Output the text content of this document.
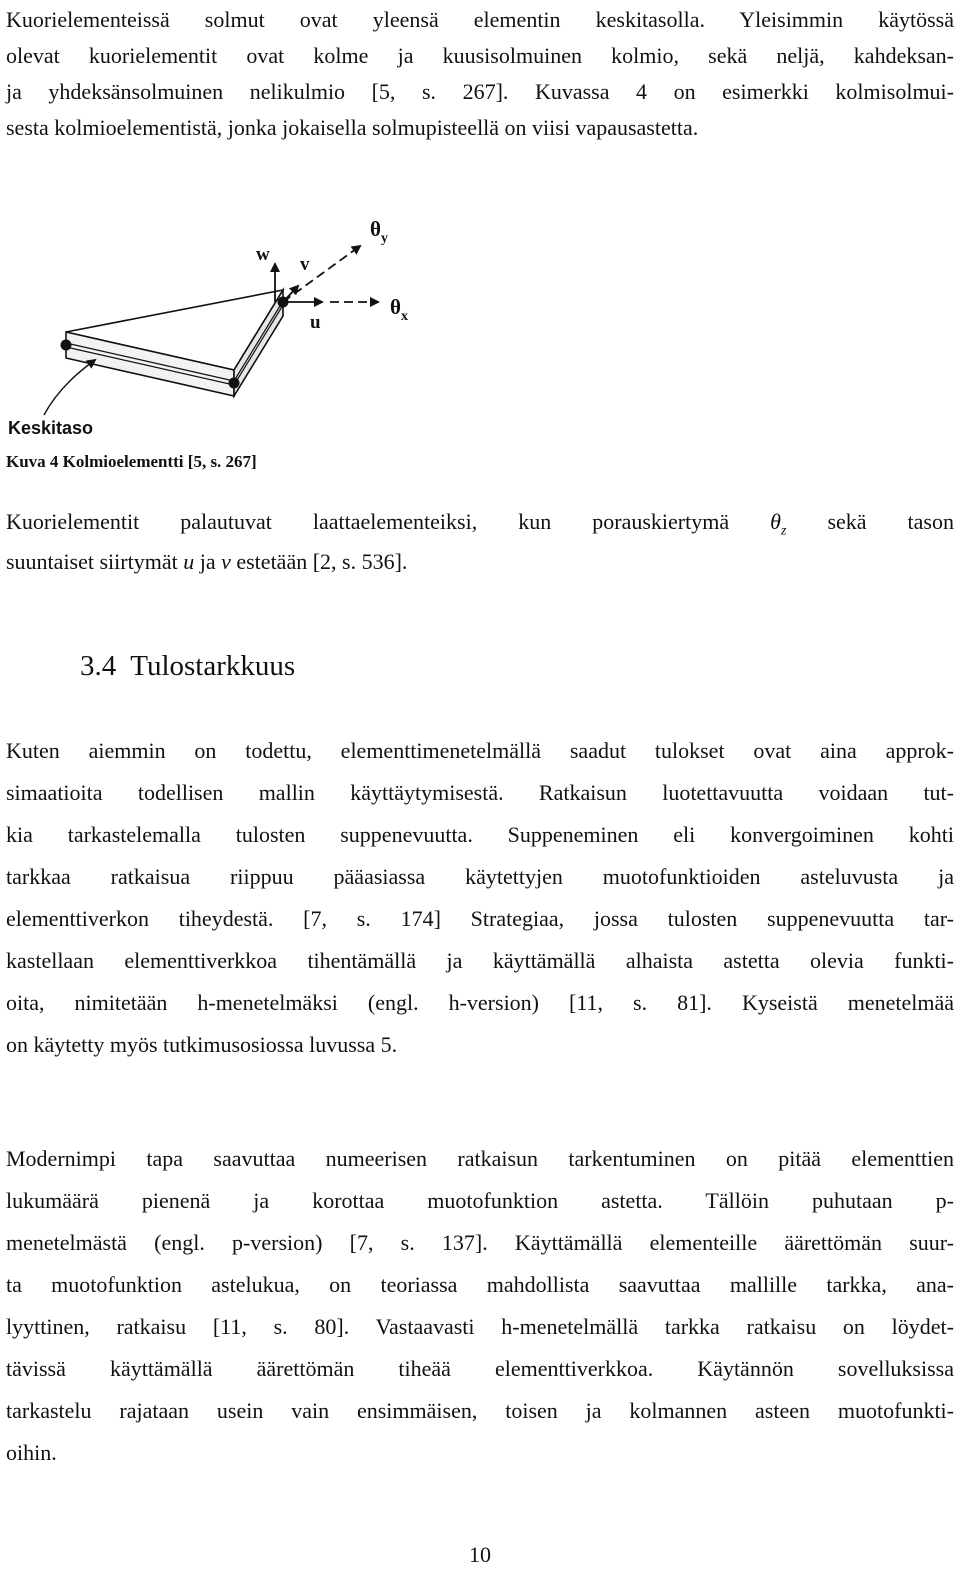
Kuorielementeissä solmut ovat yleensä elementin keskitasolla. Yleisimmin käytössä
olevat kuorielementit ovat kolme ja kuusisolmuinen kolmio, sekä neljä, kahdeksan-
ja yhdeksänsolmuinen nelikulmio [5, s. 267]. Kuvassa 4 on esimerkki kolmisolmui-
sesta kolmioelementistä, jonka jokaisella solmupisteellä on viisi vapausastetta.

w v
u
$\theta_y$
$\theta_x$
Keskitaso
Kuva 4 Kolmioelementti [5, s. 267]

Kuorielementit palautuvat laattaelementeiksi, kun porauskiertymä $\theta_z$ sekä tason
suuntaiset siirtymät u ja v estetään [2, s. 536].

3.4 Tulostarkkuus

Kuten aiemmin on todettu, elementtimenetelmällä saadut tulokset ovat aina approk-
simaatioita todellisen mallin käyttäytymisestä. Ratkaisun luotettavuutta voidaan tut-
kia tarkastelemalla tulosten suppenevuutta. Suppeneminen eli konvergoiminen kohti
tarkkaa ratkaisua riippuu pääasiassa käytettyjen muotofunktioiden asteluvusta ja
elementtiverkon tiheydestä. [7, s. 174] Strategiaa, jossa tulosten suppenevuutta tar-
kastellaan elementtiverkkoa tihentämällä ja käyttämällä alhaista astetta olevia funkti-
oita, nimitetään h-menetelmäksi (engl. h-version) [11, s. 81]. Kyseistä menetelmää
on käytetty myös tutkimusosiossa luvussa 5.

Modernimpi tapa saavuttaa numeerisen ratkaisun tarkentuminen on pitää elementtien
lukumäärä pienenä ja korottaa muotofunktion astetta. Tällöin puhutaan p-
menetelmästä (engl. p-version) [7, s. 137]. Käyttämällä elementeille äärettömän suur-
ta muotofunktion astelukua, on teoriassa mahdollista saavuttaa mallille tarkka, ana-
lyyttinen, ratkaisu [11, s. 80]. Vastaavasti h-menetelmällä tarkka ratkaisu on löydet-
tävissä käyttämällä äärettömän tiheää elementtiverkkoa. Käytännön sovelluksissa
tarkastelu rajataan usein vain ensimmäisen, toisen ja kolmannen asteen muotofunkti-
oihin.

10
